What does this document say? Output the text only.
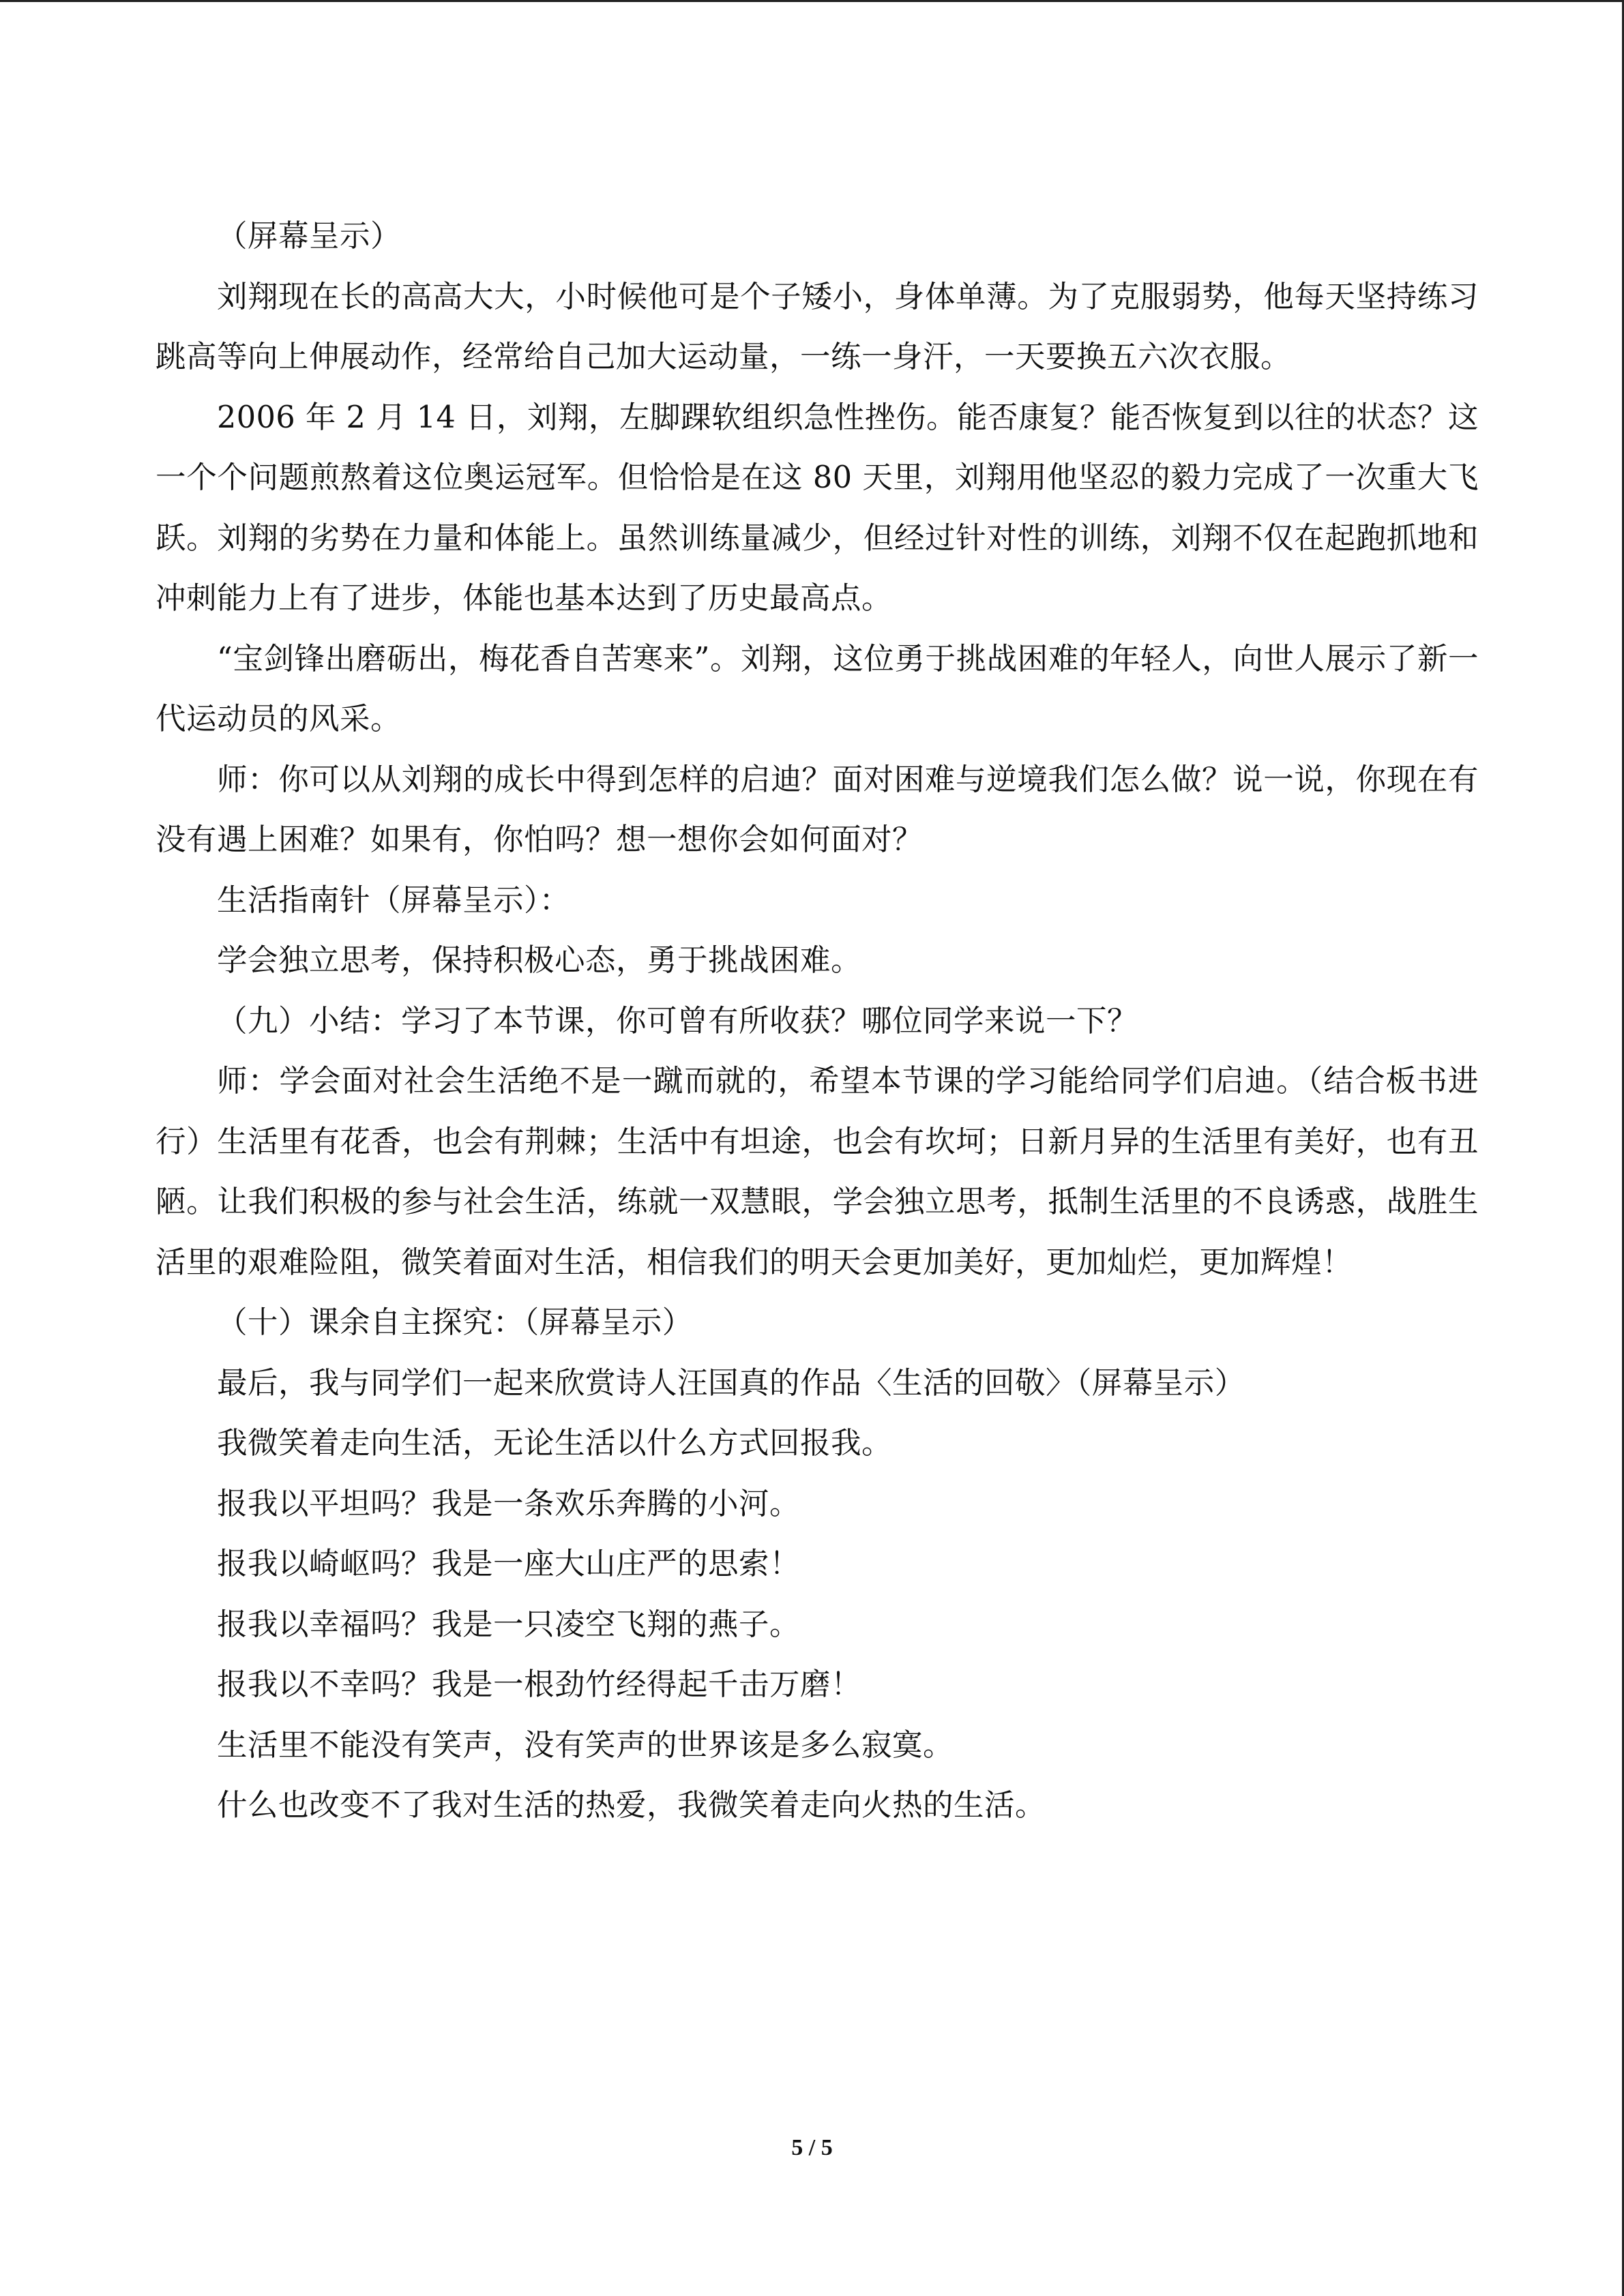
（屏幕呈示）

刘翔现在长的高高大大，小时候他可是个子矮小，身体单薄。为了克服弱势，他每天坚持练习跳高等向上伸展动作，经常给自己加大运动量，一练一身汗，一天要换五六次衣服。

2006 年 2 月 14 日，刘翔，左脚踝软组织急性挫伤。能否康复？能否恢复到以往的状态？这一个个问题煎熬着这位奥运冠军。但恰恰是在这 80 天里，刘翔用他坚忍的毅力完成了一次重大飞跃。刘翔的劣势在力量和体能上。虽然训练量减少，但经过针对性的训练，刘翔不仅在起跑抓地和冲刺能力上有了进步，体能也基本达到了历史最高点。

“宝剑锋出磨砺出，梅花香自苦寒来”。刘翔，这位勇于挑战困难的年轻人，向世人展示了新一代运动员的风采。

师：你可以从刘翔的成长中得到怎样的启迪？面对困难与逆境我们怎么做？说一说，你现在有没有遇上困难？如果有，你怕吗？想一想你会如何面对？

生活指南针（屏幕呈示）：

学会独立思考，保持积极心态，勇于挑战困难。

（九）小结：学习了本节课，你可曾有所收获？哪位同学来说一下？

师：学会面对社会生活绝不是一蹴而就的，希望本节课的学习能给同学们启迪。（结合板书进行）生活里有花香，也会有荆棘；生活中有坦途，也会有坎坷；日新月异的生活里有美好，也有丑陋。让我们积极的参与社会生活，练就一双慧眼，学会独立思考，抵制生活里的不良诱惑，战胜生活里的艰难险阻，微笑着面对生活，相信我们的明天会更加美好，更加灿烂，更加辉煌！

（十）课余自主探究：（屏幕呈示）

最后，我与同学们一起来欣赏诗人汪国真的作品〈生活的回敬〉（屏幕呈示）

我微笑着走向生活，无论生活以什么方式回报我。

报我以平坦吗？我是一条欢乐奔腾的小河。

报我以崎岖吗？我是一座大山庄严的思索！

报我以幸福吗？我是一只凌空飞翔的燕子。

报我以不幸吗？我是一根劲竹经得起千击万磨！

生活里不能没有笑声，没有笑声的世界该是多么寂寞。

什么也改变不了我对生活的热爱，我微笑着走向火热的生活。

5 / 5
